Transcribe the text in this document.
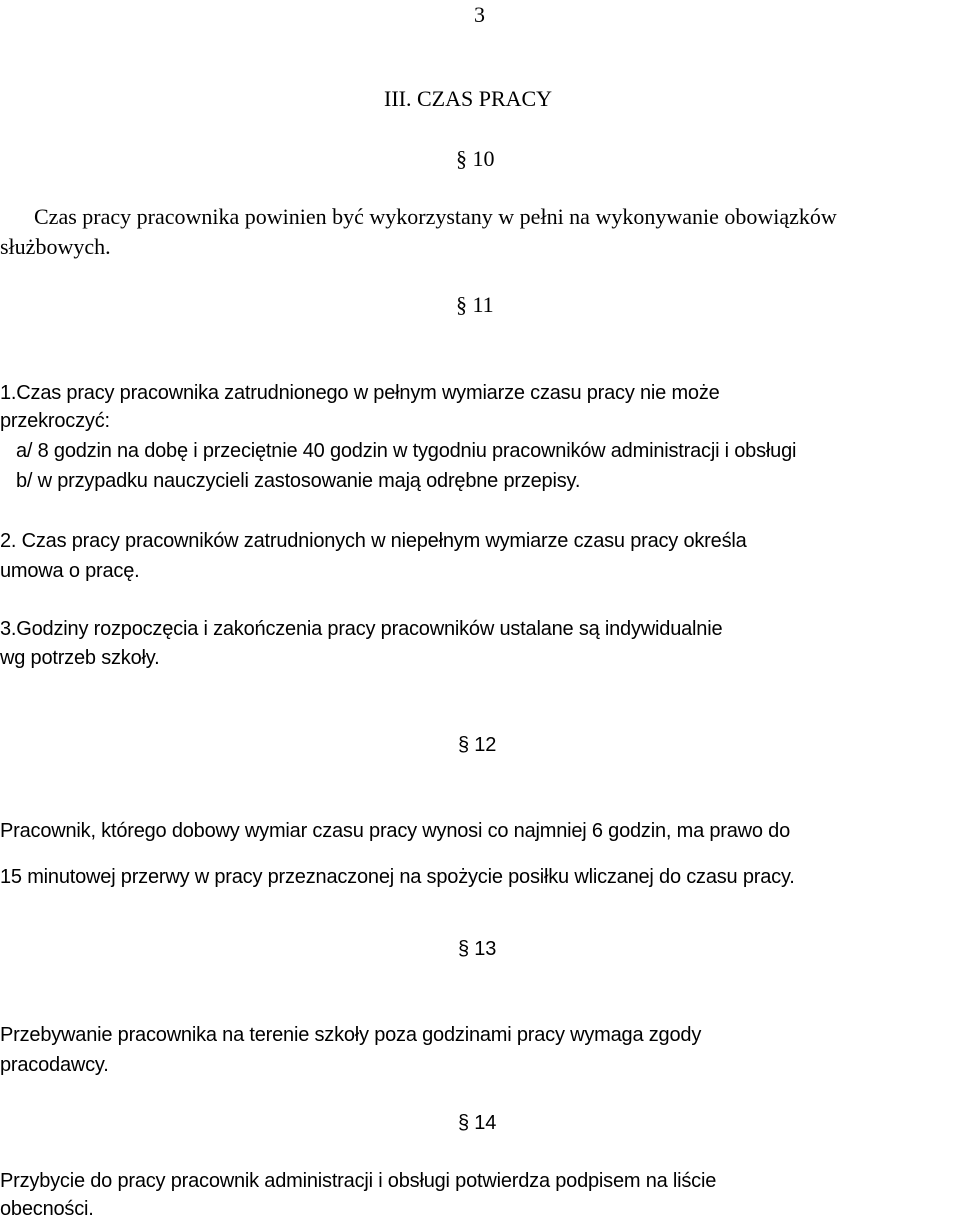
3
III. CZAS PRACY
§ 10
Czas pracy pracownika powinien być wykorzystany w pełni na wykonywanie obowiązków
służbowych.
§ 11
1.Czas pracy pracownika zatrudnionego w pełnym wymiarze czasu pracy nie może
przekroczyć:
a/ 8 godzin na dobę i przeciętnie 40 godzin w tygodniu pracowników administracji i obsługi
b/ w przypadku nauczycieli zastosowanie mają odrębne przepisy.
2. Czas pracy pracowników zatrudnionych w niepełnym wymiarze czasu pracy określa
umowa o pracę.
3.Godziny rozpoczęcia i zakończenia pracy pracowników ustalane są indywidualnie
wg potrzeb szkoły.
§ 12
Pracownik, którego dobowy wymiar czasu pracy wynosi co najmniej 6 godzin, ma prawo do
15 minutowej przerwy w pracy przeznaczonej na spożycie posiłku wliczanej do czasu pracy.
§ 13
Przebywanie pracownika na terenie szkoły poza godzinami pracy wymaga zgody
pracodawcy.
§ 14
Przybycie do pracy pracownik administracji i obsługi potwierdza podpisem na liście
obecności.
